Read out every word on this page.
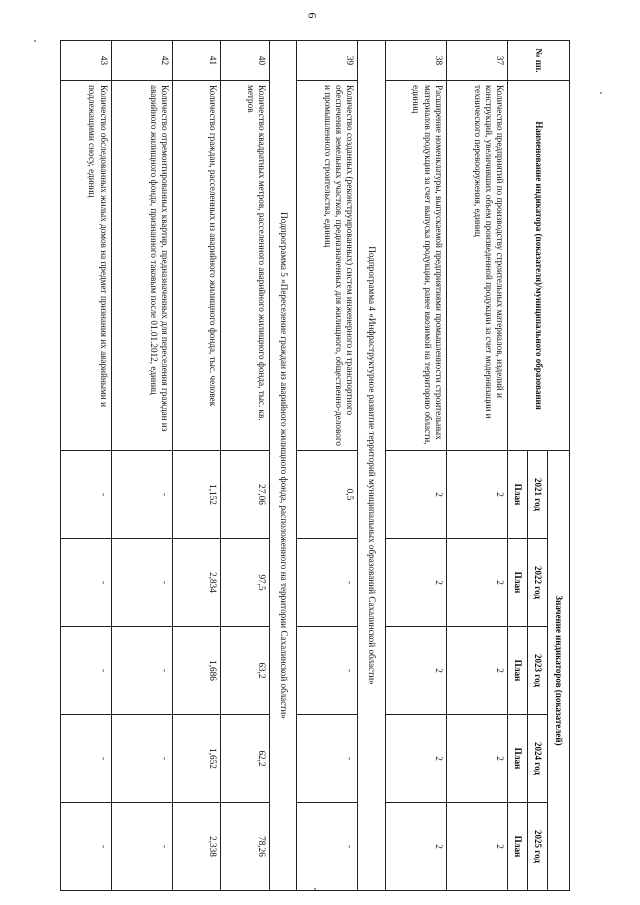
6
№ пп.	Наименование индикатора (показателя)/муниципального образования	Значение индикаторов (показателей)				
		2021 год	2022 год	2023 год	2024 год	2025 год
		План	План	План	План	План
37	Количество предприятий по производству строительных материалов, изделий и конструкций, увеличивших объем произведенной продукции за счет модернизации и технического перевооружения, единиц	2	2	2	2	2
38	Расширение номенклатуры, выпускаемой предприятиями промышленности строительных материалов продукции за счет выпуска продукции, ранее ввозимой на территорию области, единиц	2	2	2	2	2
Подпрограмма 4 «Инфраструктурное развитие территорий муниципальных образований Сахалинской области»						
39	Количество созданных (реконструированных) систем инженерного и транспортного обеспечения земельных участков, предназначенных для жилищного, общественно-делового и промышленного строительства, единиц	0,5	-	-	-	-
Подпрограмма 5 «Переселение граждан из аварийного жилищного фонда, расположенного на территории Сахалинской области»						
40	Количество квадратных метров, расселенного аварийного жилищного фонда, тыс. кв. метров	27,06	97,5	63,2	62,2	78,26
41	Количество граждан, расселенных из аварийного жилищного фонда, тыс. человек	1,152	2,834	1,686	1,652	2,338
42	Количество отремонтированных квартир, предназначенных для переселения граждан из аварийного жилищного фонда, признанного таковым после 01.01.2012, единиц	-	-	-	-	-
43	Количество обследованных жилых домов на предмет признания их аварийными и подлежащими сносу, единиц	-	-	-	-	-
